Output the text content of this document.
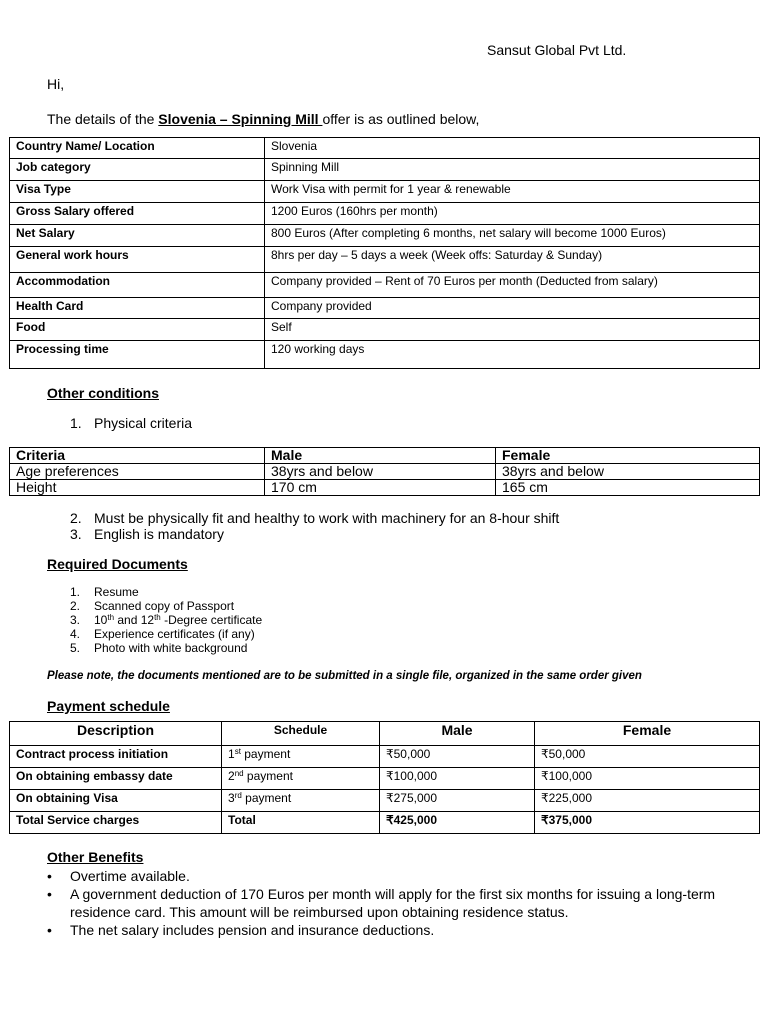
Sansut Global Pvt Ltd.
Hi,
The details of the Slovenia – Spinning Mill offer is as outlined below,
Country Name/ Location	Slovenia
Job category	Spinning Mill
Visa Type	Work Visa with permit for 1 year & renewable
Gross Salary offered	1200 Euros (160hrs per month)
Net Salary	800 Euros (After completing 6 months, net salary will become 1000 Euros)
General work hours	8hrs per day – 5 days a week (Week offs: Saturday & Sunday)
Accommodation	Company provided – Rent of 70 Euros per month (Deducted from salary)
Health Card	Company provided
Food	Self
Processing time	120 working days
Other conditions
1. Physical criteria
Criteria	Male	Female
Age preferences	38yrs and below	38yrs and below
Height	170 cm	165 cm
2. Must be physically fit and healthy to work with machinery for an 8-hour shift
3. English is mandatory
Required Documents
1. Resume
2. Scanned copy of Passport
3. 10th and 12th -Degree certificate
4. Experience certificates (if any)
5. Photo with white background
Please note, the documents mentioned are to be submitted in a single file, organized in the same order given
Payment schedule
Description	Schedule	Male	Female
Contract process initiation	1st payment	₹50,000	₹50,000
On obtaining embassy date	2nd payment	₹100,000	₹100,000
On obtaining Visa	3rd payment	₹275,000	₹225,000
Total Service charges	Total	₹425,000	₹375,000
Other Benefits
• Overtime available.
• A government deduction of 170 Euros per month will apply for the first six months for issuing a long-term residence card. This amount will be reimbursed upon obtaining residence status.
• The net salary includes pension and insurance deductions.
